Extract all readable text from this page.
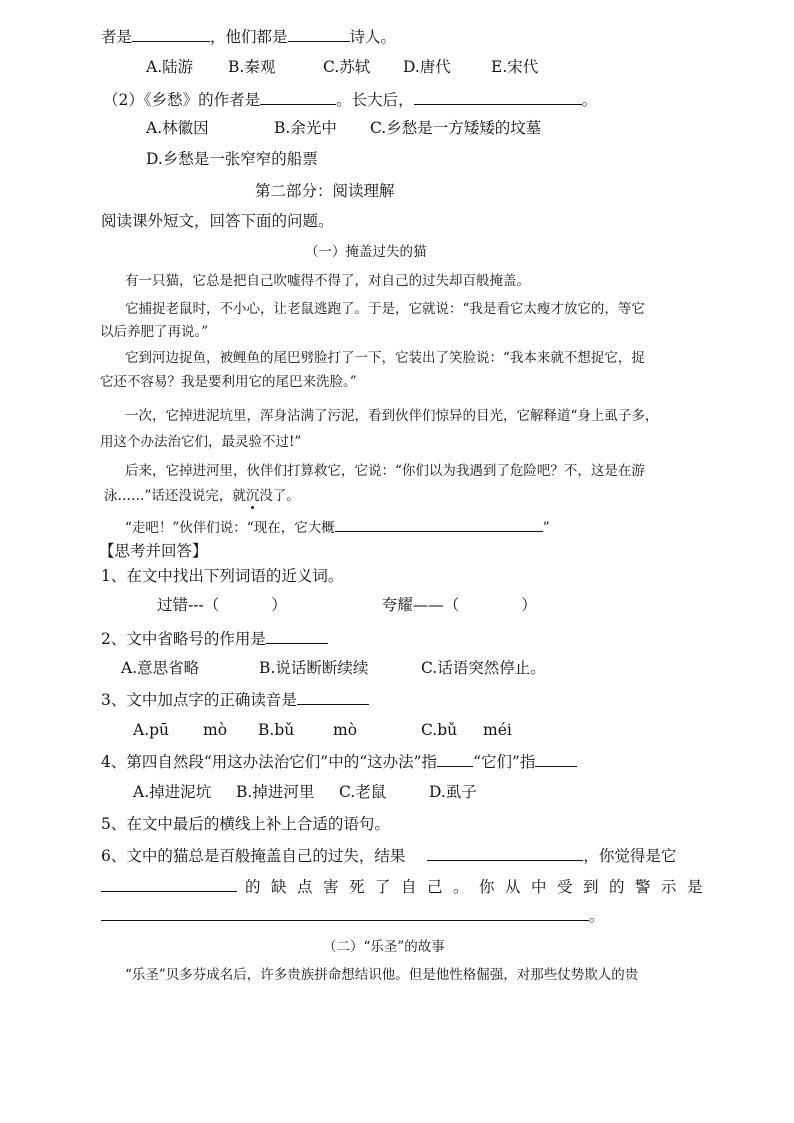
者是	，他们都是	诗人。
A.陆游 B.秦观	C.苏轼 D.唐代	E.宋代
（2）《乡愁》的作者是	。长大后，	。
A.林徽因	B.余光中 C.乡愁是一方矮矮的坟墓
D.乡愁是一张窄窄的船票
第二部分：阅读理解
阅读课外短文，回答下面的问题。
（一）掩盖过失的猫
有一只猫，它总是把自己吹嘘得不得了，对自己的过失却百般掩盖。
它捕捉老鼠时，不小心，让老鼠逃跑了。于是，它就说：“我是看它太瘦才放它的，等它
以后养肥了再说。”
它到河边捉鱼，被鲤鱼的尾巴劈脸打了一下，它装出了笑脸说：“我本来就不想捉它，捉
它还不容易？我是要利用它的尾巴来洗脸。”
一次，它掉进泥坑里，浑身沾满了污泥，看到伙伴们惊异的目光，它解释道“身上虱子多，
用这个办法治它们，最灵验不过!”
后来，它掉进河里，伙伴们打算救它，它说：“你们以为我遇到了危险吧？不，这是在游
泳……”话还没说完，就沉没了。
“走吧！”伙伴们说：“现在，它大概	”
【思考并回答】
1、在文中找出下列词语的近义词。
过错---（	）	夸耀——（	）
2、文中省略号的作用是
A.意思省略	B.说话断断续续	C.话语突然停止。
3、文中加点字的正确读音是
A.pū mò B.bǔ	mò	C.bǔ méi
4、第四自然段“用这办法治它们”中的“这办法”指 “它们”指
A.掉进泥坑 B.掉进河里 C.老鼠	D.虱子
5、在文中最后的横线上补上合适的语句。
6、文中的猫总是百般掩盖自己的过失，结果	，你觉得是它
的缺点害死了自己。你从中受到的警示是
。
（二）“乐圣”的故事
“乐圣”贝多芬成名后，许多贵族拼命想结识他。但是他性格倔强，对那些仗势欺人的贵
